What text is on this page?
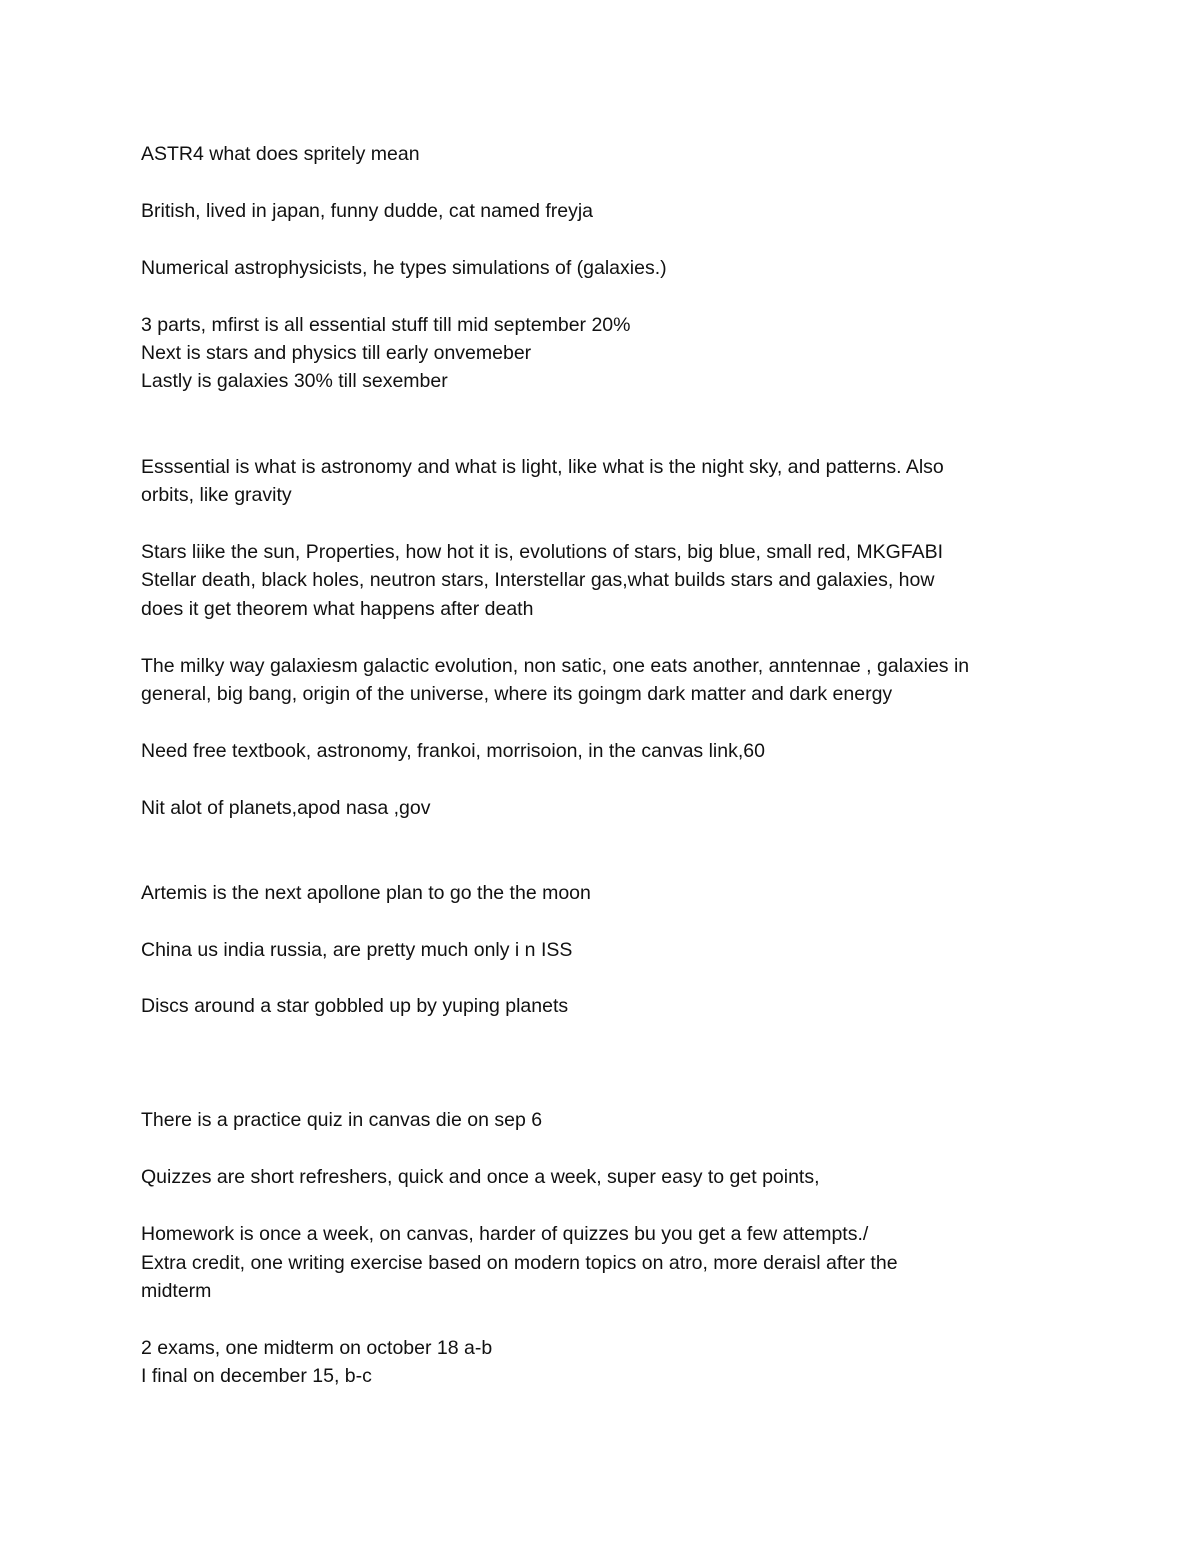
ASTR4 what does spritely mean

British, lived in japan, funny dudde, cat named freyja

Numerical astrophysicists, he types simulations of (galaxies.)

3 parts, mfirst is all essential stuff till mid september 20%

Next is stars and physics till early onvemeber

Lastly is galaxies 30% till sexember

Esssential is what is astronomy and what is light, like what is the night sky, and patterns. Also

orbits, like gravity

Stars liike the sun, Properties, how hot it is, evolutions of stars, big blue, small red, MKGFABI

Stellar death, black holes, neutron stars, Interstellar gas,what builds stars and galaxies, how

does it get theorem what happens after death

The milky way galaxiesm galactic evolution, non satic, one eats another, anntennae , galaxies in

general, big bang, origin of the universe, where its goingm dark matter and dark energy

Need free textbook, astronomy, frankoi, morrisoion, in the canvas link,60

Nit alot of planets,apod nasa ,gov

Artemis is the next apollone plan to go the the moon

China us india russia, are pretty much only i n ISS

Discs around a star gobbled up by yuping planets

There is a practice quiz in canvas die on sep 6

Quizzes are short refreshers, quick and once a week, super easy to get points,

Homework is once a week, on canvas, harder of quizzes bu you get a few attempts./

Extra credit, one writing exercise based on modern topics on atro, more deraisl after the

midterm

2 exams, one midterm on october 18 a-b

I final on december 15, b-c
